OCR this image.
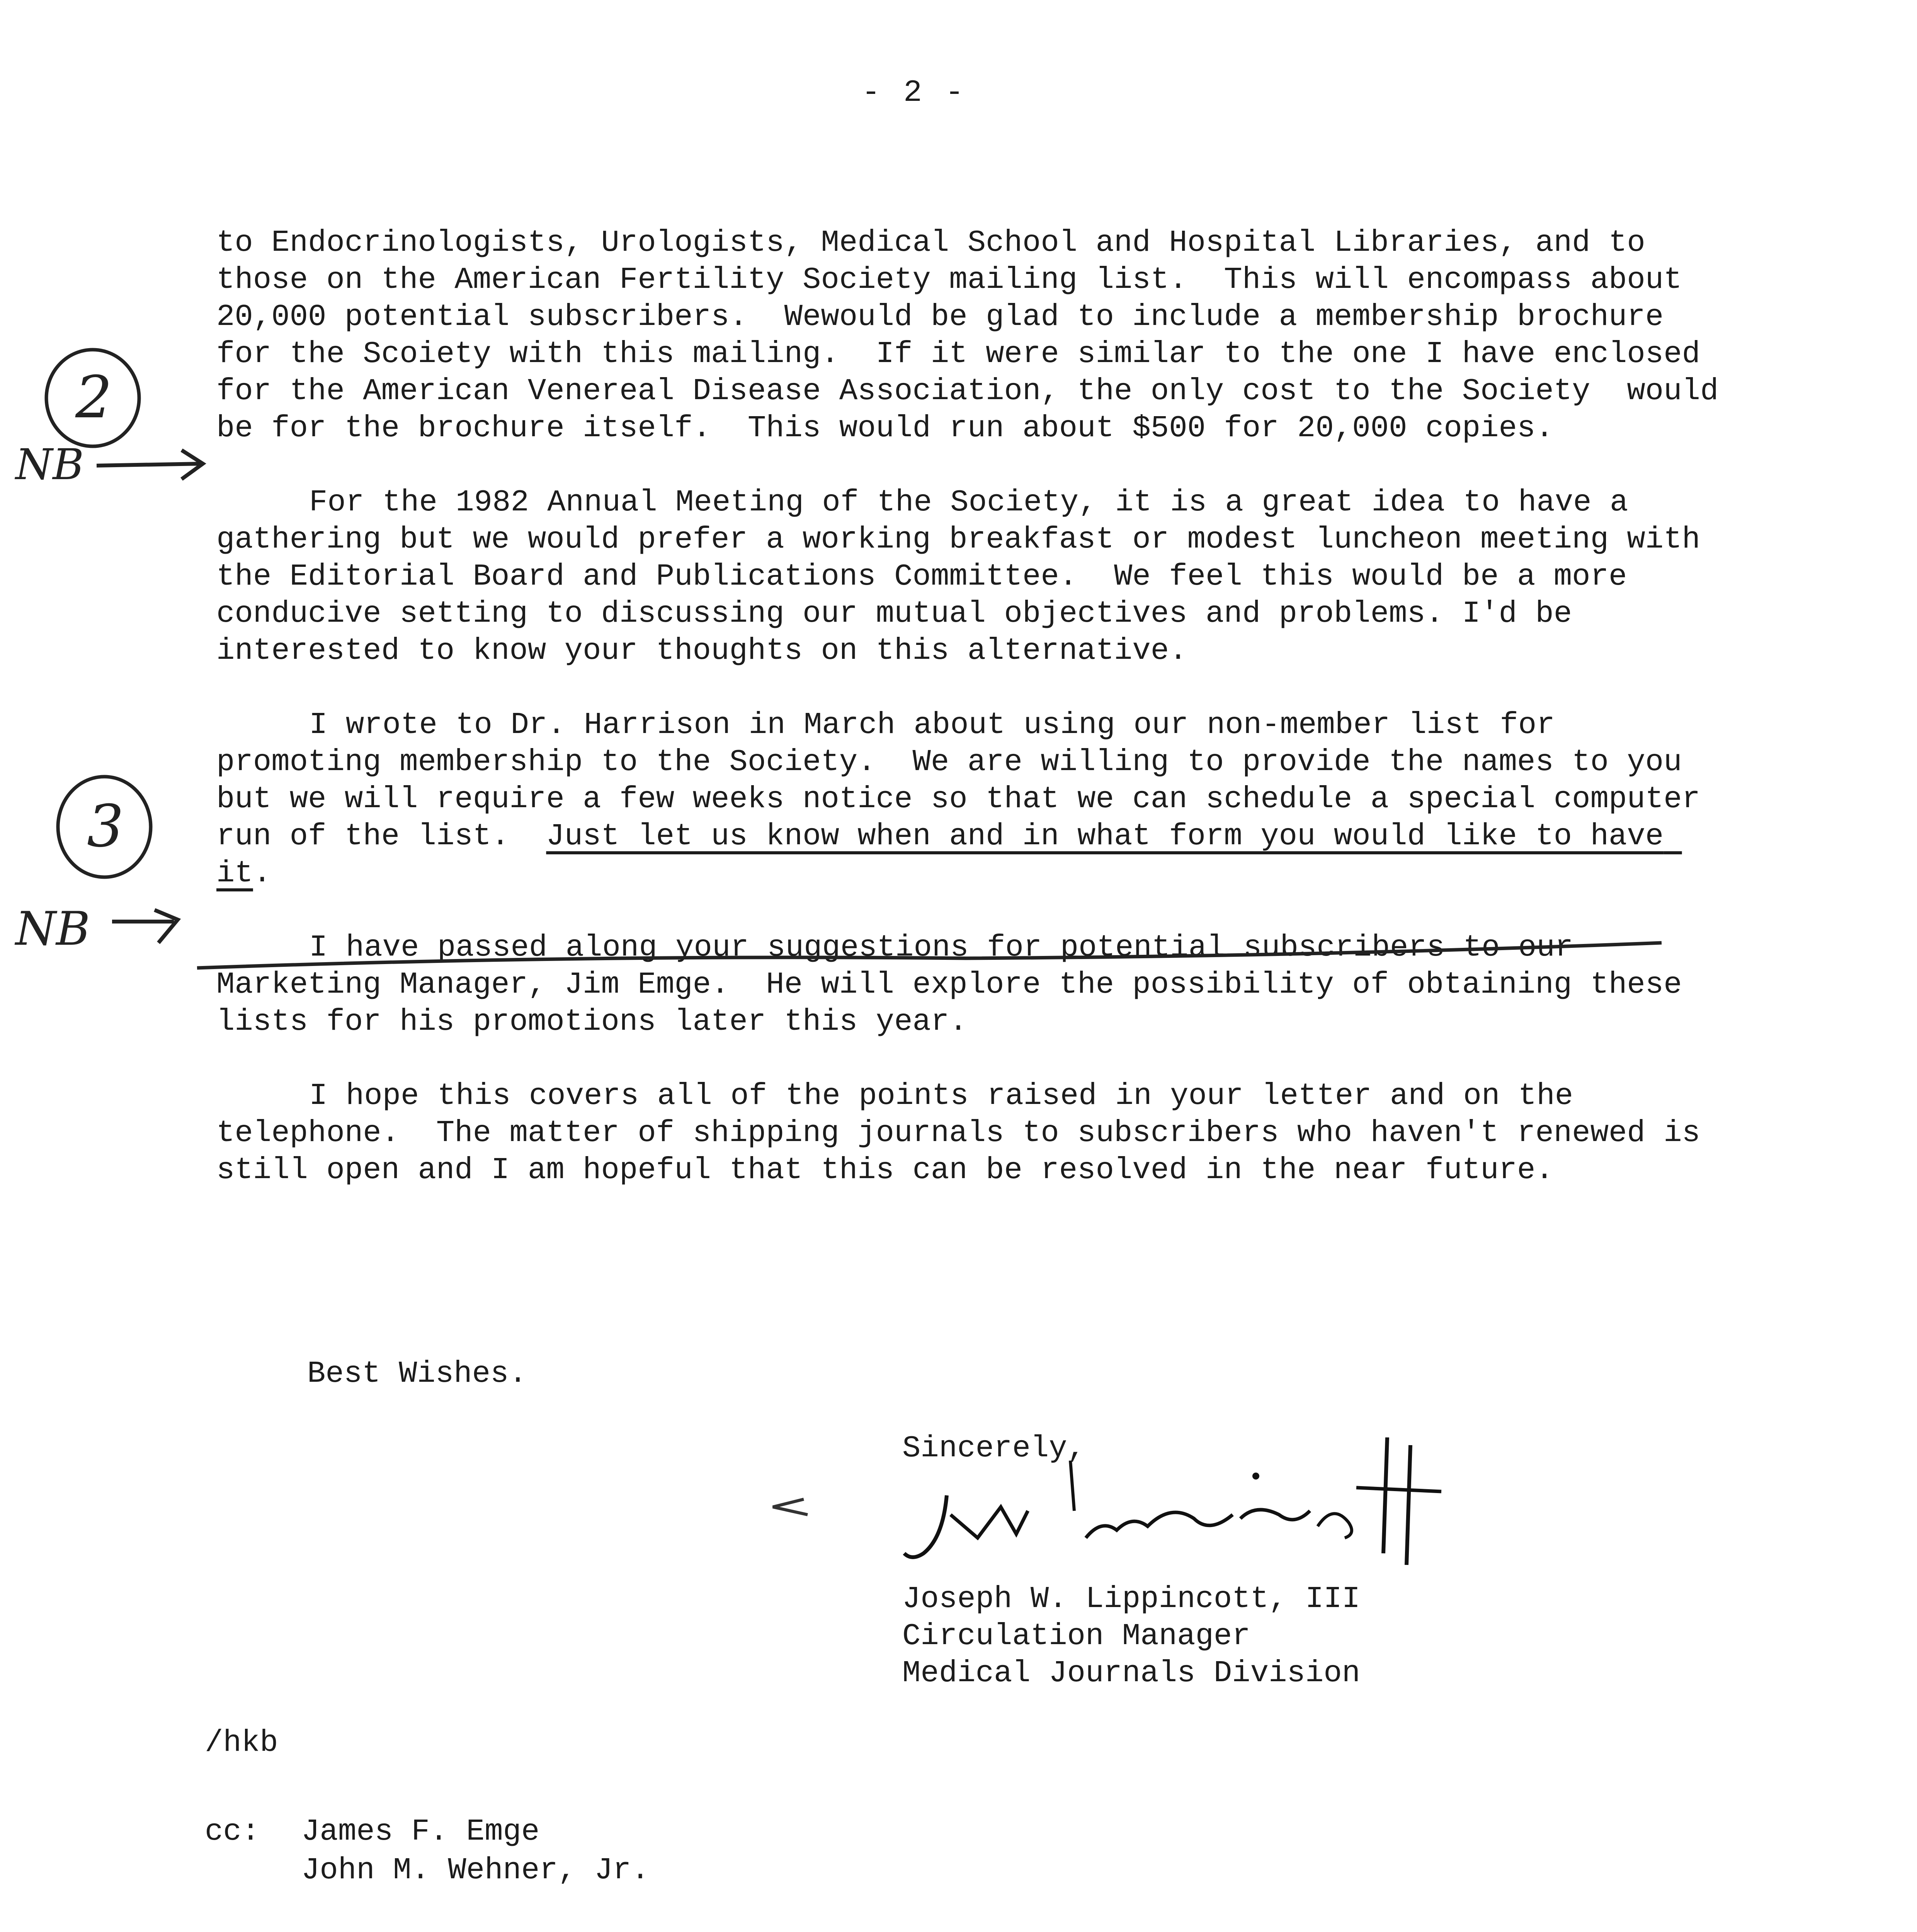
- 2 -

to Endocrinologists, Urologists, Medical School and Hospital Libraries, and to those on the American Fertility Society mailing list.  This will encompass about 20,000 potential subscribers.  Wewould be glad to include a membership brochure for the Scoiety with this mailing.  If it were similar to the one I have enclosed for the American Venereal Disease Association, the only cost to the Society  would be for the brochure itself.  This would run about $500 for 20,000 copies.

For the 1982 Annual Meeting of the Society, it is a great idea to have a gathering but we would prefer a working breakfast or modest luncheon meeting with the Editorial Board and Publications Committee.  We feel this would be a more conducive setting to discussing our mutual objectives and problems. I'd be interested to know your thoughts on this alternative.

I wrote to Dr. Harrison in March about using our non-member list for promoting membership to the Society.  We are willing to provide the names to you but we will require a few weeks notice so that we can schedule a special computer run of the list.  Just let us know when and in what form you would like to have it.

I have passed along your suggestions for potential subscribers to our Marketing Manager, Jim Emge.  He will explore the possibility of obtaining these lists for his promotions later this year.

I hope this covers all of the points raised in your letter and on the telephone.  The matter of shipping journals to subscribers who haven't renewed is still open and I am hopeful that this can be resolved in the near future.

Best Wishes.
Sincerely,
Joseph W. Lippincott, III
Circulation Manager
Medical Journals Division
/hkb
cc:	James F. Emge
John M. Wehner, Jr.
2
NB
3
NB
